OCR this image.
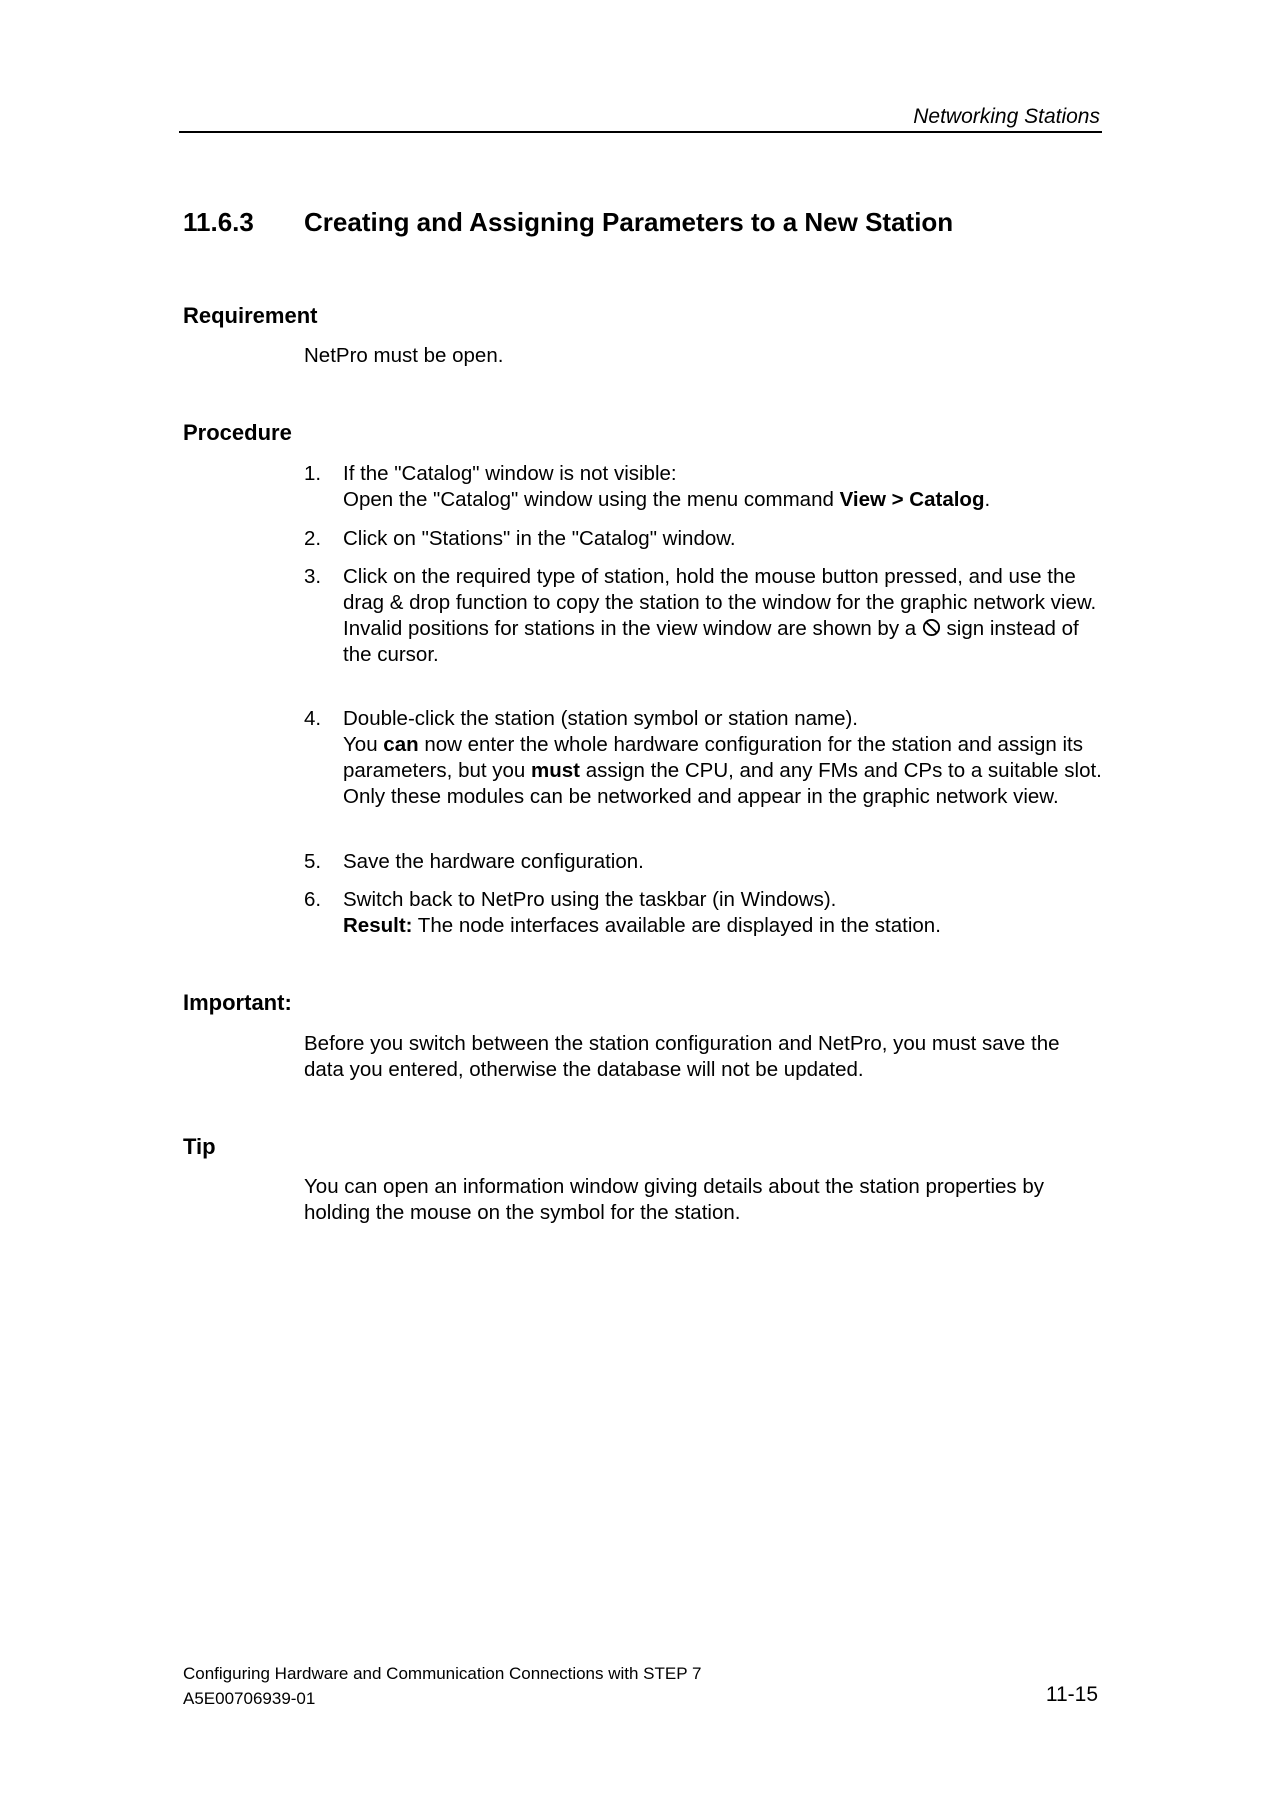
Networking Stations
11.6.3 Creating and Assigning Parameters to a New Station
Requirement
NetPro must be open.
Procedure
1.	If the "Catalog" window is not visible:
Open the "Catalog" window using the menu command View > Catalog.
2.	Click on "Stations" in the "Catalog" window.
3.	Click on the required type of station, hold the mouse button pressed, and use the drag & drop function to copy the station to the window for the graphic network view.
Invalid positions for stations in the view window are shown by a  sign instead of the cursor.
4.	Double-click the station (station symbol or station name).
You can now enter the whole hardware configuration for the station and assign its parameters, but you must assign the CPU, and any FMs and CPs to a suitable slot. Only these modules can be networked and appear in the graphic network view.
5.	Save the hardware configuration.
6.	Switch back to NetPro using the taskbar (in Windows).
Result: The node interfaces available are displayed in the station.
Important:
Before you switch between the station configuration and NetPro, you must save the data you entered, otherwise the database will not be updated.
Tip
You can open an information window giving details about the station properties by holding the mouse on the symbol for the station.
Configuring Hardware and Communication Connections with STEP 7
A5E00706939-01	11-15
